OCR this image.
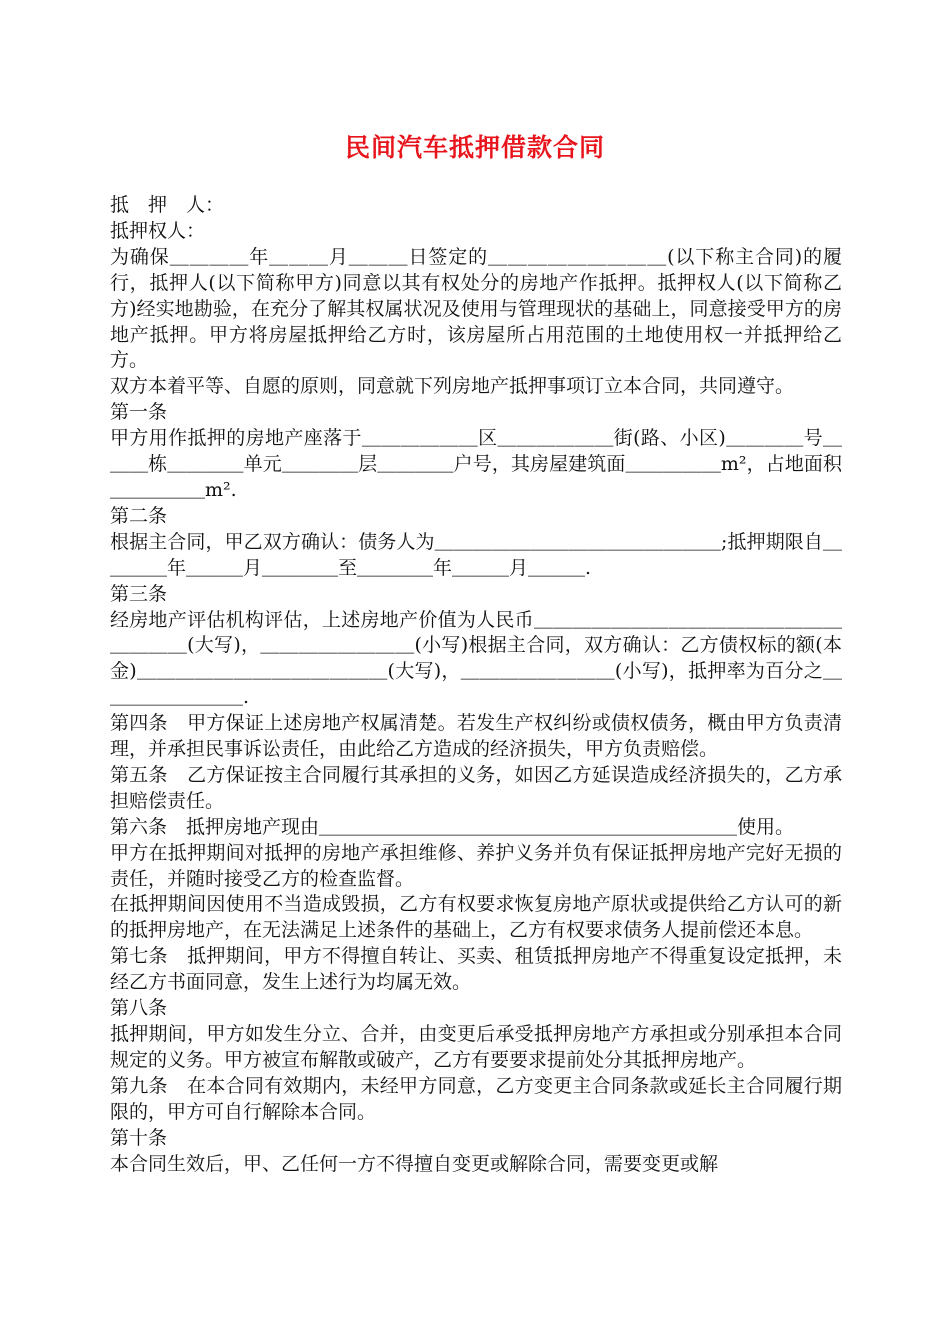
民间汽车抵押借款合同

抵　押　人：

抵押权人：

为确保＿＿＿＿年＿＿＿月＿＿＿日签定的＿＿＿＿＿＿＿＿＿(以下称主合同)的履行，抵押人(以下简称甲方)同意以其有权处分的房地产作抵押。抵押权人(以下简称乙方)经实地勘验，在充分了解其权属状况及使用与管理现状的基础上，同意接受甲方的房地产抵押。甲方将房屋抵押给乙方时，该房屋所占用范围的土地使用权一并抵押给乙方。

双方本着平等、自愿的原则，同意就下列房地产抵押事项订立本合同，共同遵守。

第一条

甲方用作抵押的房地产座落于＿＿＿＿＿＿区＿＿＿＿＿＿街(路、小区)＿＿＿＿号＿＿＿栋＿＿＿＿单元＿＿＿＿层＿＿＿＿户号，其房屋建筑面＿＿＿＿＿m²，占地面积＿＿＿＿＿m².

第二条

根据主合同，甲乙双方确认：债务人为＿＿＿＿＿＿＿＿＿＿＿＿＿＿＿;抵押期限自＿＿＿＿年＿＿＿月＿＿＿＿至＿＿＿＿年＿＿＿月＿＿＿.

第三条

经房地产评估机构评估，上述房地产价值为人民币＿＿＿＿＿＿＿＿＿＿＿＿＿＿＿＿＿＿＿＿(大写)，＿＿＿＿＿＿＿＿(小写)根据主合同，双方确认：乙方债权标的额(本金)＿＿＿＿＿＿＿＿＿＿＿＿＿(大写)，＿＿＿＿＿＿＿＿(小写)，抵押率为百分之＿＿＿＿＿＿＿＿.

第四条　甲方保证上述房地产权属清楚。若发生产权纠纷或债权债务，概由甲方负责清理，并承担民事诉讼责任，由此给乙方造成的经济损失，甲方负责赔偿。

第五条　乙方保证按主合同履行其承担的义务，如因乙方延误造成经济损失的，乙方承担赔偿责任。

第六条　抵押房地产现由＿＿＿＿＿＿＿＿＿＿＿＿＿＿＿＿＿＿＿＿＿＿使用。

甲方在抵押期间对抵押的房地产承担维修、养护义务并负有保证抵押房地产完好无损的责任，并随时接受乙方的检查监督。

在抵押期间因使用不当造成毁损，乙方有权要求恢复房地产原状或提供给乙方认可的新的抵押房地产，在无法满足上述条件的基础上，乙方有权要求债务人提前偿还本息。

第七条　抵押期间，甲方不得擅自转让、买卖、租赁抵押房地产不得重复设定抵押，未经乙方书面同意，发生上述行为均属无效。

第八条

抵押期间，甲方如发生分立、合并，由变更后承受抵押房地产方承担或分别承担本合同规定的义务。甲方被宣布解散或破产，乙方有要要求提前处分其抵押房地产。

第九条　在本合同有效期内，未经甲方同意，乙方变更主合同条款或延长主合同履行期限的，甲方可自行解除本合同。

第十条

本合同生效后，甲、乙任何一方不得擅自变更或解除合同，需要变更或解
